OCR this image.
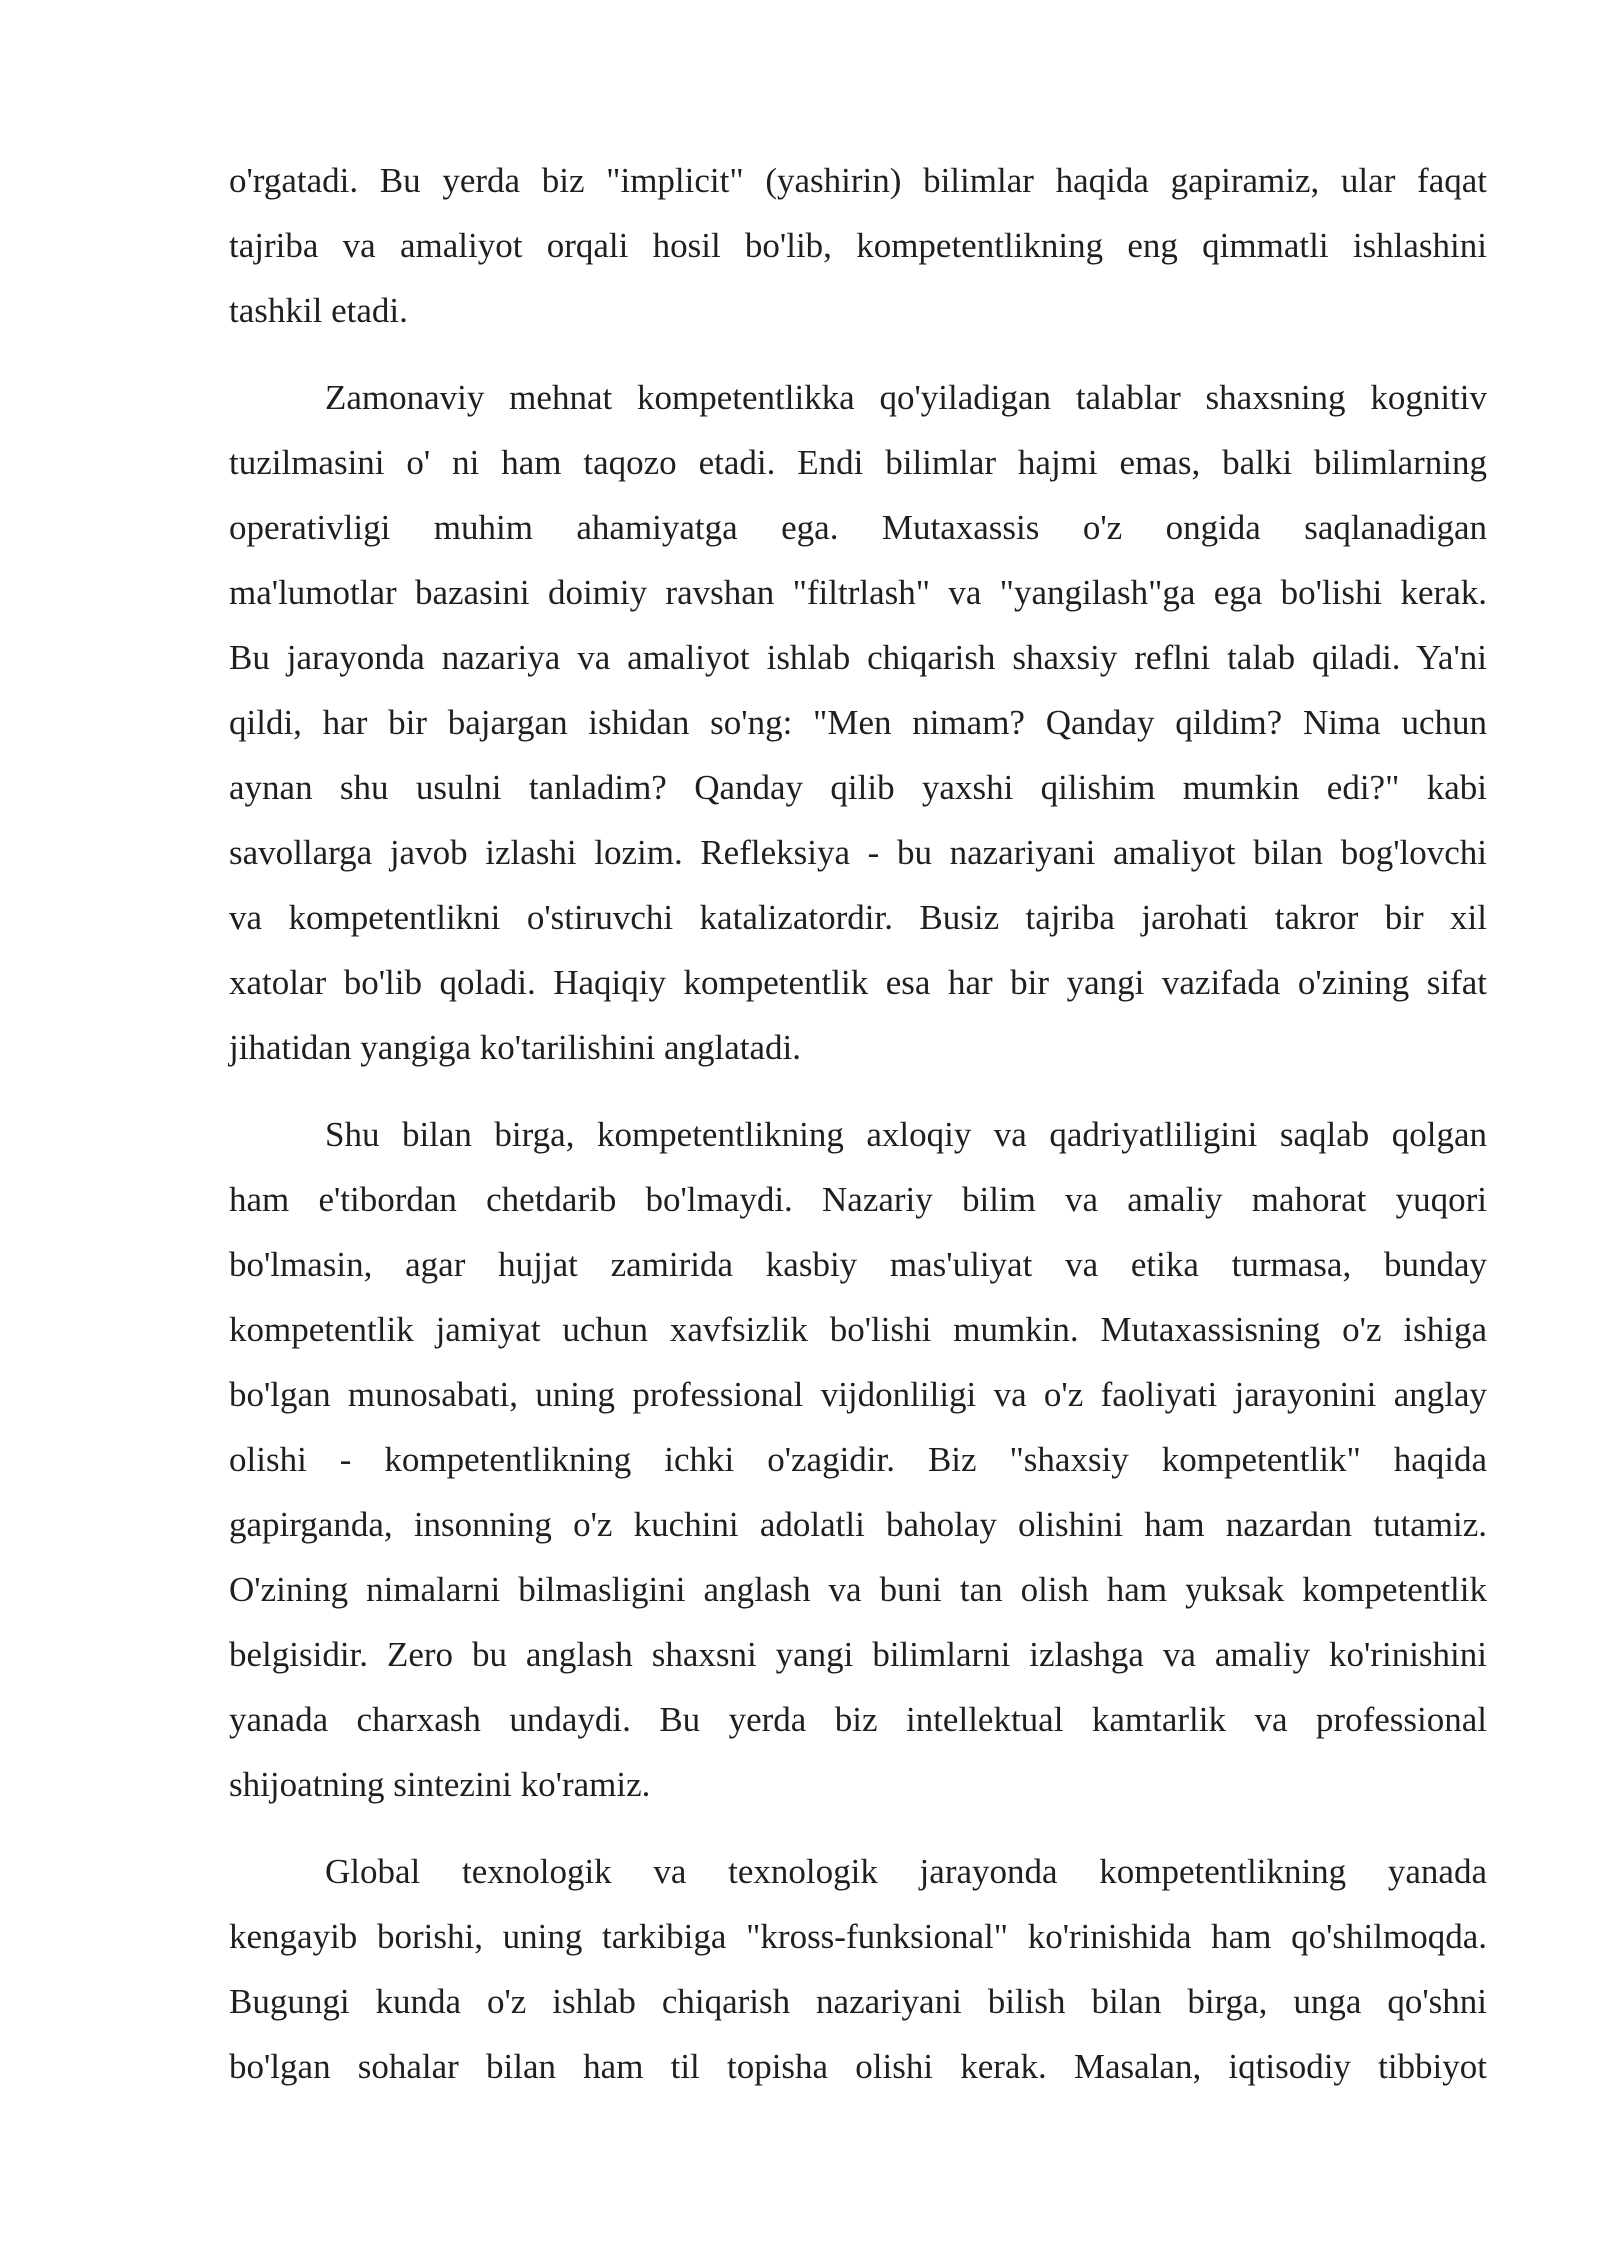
o'rgatadi. Bu yerda biz "implicit" (yashirin) bilimlar haqida gapiramiz, ular faqat
tajriba va amaliyot orqali hosil bo'lib, kompetentlikning eng qimmatli ishlashini
tashkil etadi.

Zamonaviy mehnat kompetentlikka qo'yiladigan talablar shaxsning kognitiv
tuzilmasini o' ni ham taqozo etadi. Endi bilimlar hajmi emas, balki bilimlarning
operativligi muhim ahamiyatga ega. Mutaxassis o'z ongida saqlanadigan
ma'lumotlar bazasini doimiy ravshan "filtrlash" va "yangilash"ga ega bo'lishi kerak.
Bu jarayonda nazariya va amaliyot ishlab chiqarish shaxsiy reflni talab qiladi. Ya'ni
qildi, har bir bajargan ishidan so'ng: "Men nimam? Qanday qildim? Nima uchun
aynan shu usulni tanladim? Qanday qilib yaxshi qilishim mumkin edi?" kabi
savollarga javob izlashi lozim. Refleksiya - bu nazariyani amaliyot bilan bog'lovchi
va kompetentlikni o'stiruvchi katalizatordir. Busiz tajriba jarohati takror bir xil
xatolar bo'lib qoladi. Haqiqiy kompetentlik esa har bir yangi vazifada o'zining sifat
jihatidan yangiga ko'tarilishini anglatadi.

Shu bilan birga, kompetentlikning axloqiy va qadriyatliligini saqlab qolgan
ham e'tibordan chetdarib bo'lmaydi. Nazariy bilim va amaliy mahorat yuqori
bo'lmasin, agar hujjat zamirida kasbiy mas'uliyat va etika turmasa, bunday
kompetentlik jamiyat uchun xavfsizlik bo'lishi mumkin. Mutaxassisning o'z ishiga
bo'lgan munosabati, uning professional vijdonliligi va o'z faoliyati jarayonini anglay
olishi - kompetentlikning ichki o'zagidir. Biz "shaxsiy kompetentlik" haqida
gapirganda, insonning o'z kuchini adolatli baholay olishini ham nazardan tutamiz.
O'zining nimalarni bilmasligini anglash va buni tan olish ham yuksak kompetentlik
belgisidir. Zero bu anglash shaxsni yangi bilimlarni izlashga va amaliy ko'rinishini
yanada charxash undaydi. Bu yerda biz intellektual kamtarlik va professional
shijoatning sintezini ko'ramiz.

Global texnologik va texnologik jarayonda kompetentlikning yanada
kengayib borishi, uning tarkibiga "kross-funksional" ko'rinishida ham qo'shilmoqda.
Bugungi kunda o'z ishlab chiqarish nazariyani bilish bilan birga, unga qo'shni
bo'lgan sohalar bilan ham til topisha olishi kerak. Masalan, iqtisodiy tibbiyot
